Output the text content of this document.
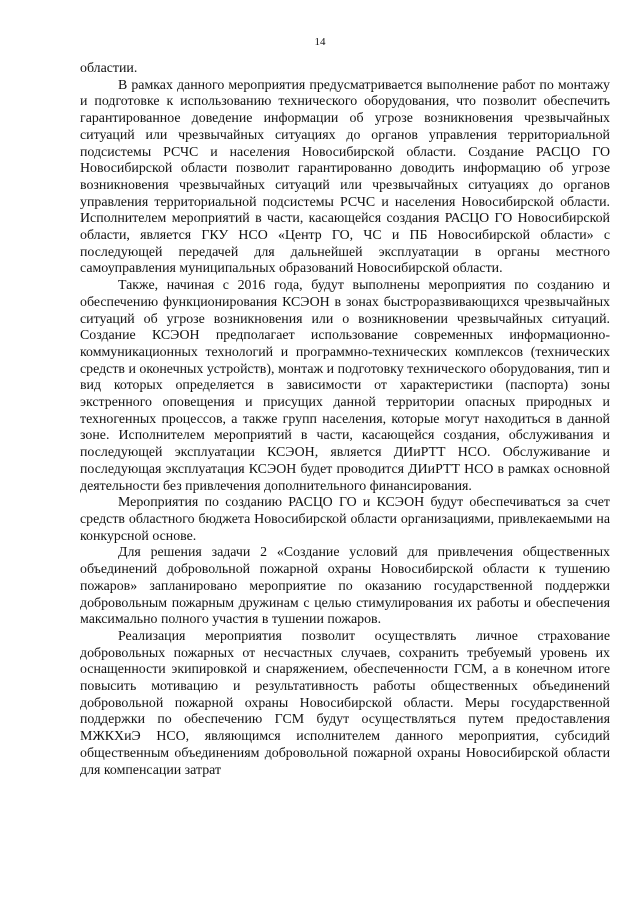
14

областии.

В рамках данного мероприятия предусматривается выполнение работ по монтажу и подготовке к использованию технического оборудования, что позволит обеспечить гарантированное доведение информации об угрозе возникновения чрезвычайных ситуаций или чрезвычайных ситуациях до органов управления территориальной подсистемы РСЧС и населения Новосибирской области. Создание РАСЦО ГО Новосибирской области позволит гарантированно доводить информацию об угрозе возникновения чрезвычайных ситуаций или чрезвычайных ситуациях до органов управления территориальной подсистемы РСЧС и населения Новосибирской области. Исполнителем мероприятий в части, касающейся создания РАСЦО ГО Новосибирской области, является ГКУ НСО «Центр ГО, ЧС и ПБ Новосибирской области» с последующей передачей для дальнейшей эксплуатации в органы местного самоуправления муниципальных образований Новосибирской области.

Также, начиная с 2016 года, будут выполнены мероприятия по созданию и обеспечению функционирования КСЭОН в зонах быстроразвивающихся чрезвычайных ситуаций об угрозе возникновения или о возникновении чрезвычайных ситуаций. Создание КСЭОН предполагает использование современных информационно-коммуникационных технологий и программно-технических комплексов (технических средств и оконечных устройств), монтаж и подготовку технического оборудования, тип и вид которых определяется в зависимости от характеристики (паспорта) зоны экстренного оповещения и присущих данной территории опасных природных и техногенных процессов, а также групп населения, которые могут находиться в данной зоне. Исполнителем мероприятий в части, касающейся создания, обслуживания и последующей эксплуатации КСЭОН, является ДИиРТТ НСО. Обслуживание и последующая эксплуатация КСЭОН будет проводится ДИиРТТ НСО в рамках основной деятельности без привлечения дополнительного финансирования.

Мероприятия по созданию РАСЦО ГО и КСЭОН будут обеспечиваться за счет средств областного бюджета Новосибирской области организациями, привлекаемыми на конкурсной основе.

Для решения задачи 2 «Создание условий для привлечения общественных объединений добровольной пожарной охраны Новосибирской области к тушению пожаров» запланировано мероприятие по оказанию государственной поддержки добровольным пожарным дружинам с целью стимулирования их работы и обеспечения максимально полного участия в тушении пожаров.

Реализация мероприятия позволит осуществлять личное страхование добровольных пожарных от несчастных случаев, сохранить требуемый уровень их оснащенности экипировкой и снаряжением, обеспеченности ГСМ, а в конечном итоге повысить мотивацию и результативность работы общественных объединений добровольной пожарной охраны Новосибирской области. Меры государственной поддержки по обеспечению ГСМ будут осуществляться путем предоставления МЖКХиЭ НСО, являющимся исполнителем данного мероприятия, субсидий общественным объединениям добровольной пожарной охраны Новосибирской области для компенсации затрат
